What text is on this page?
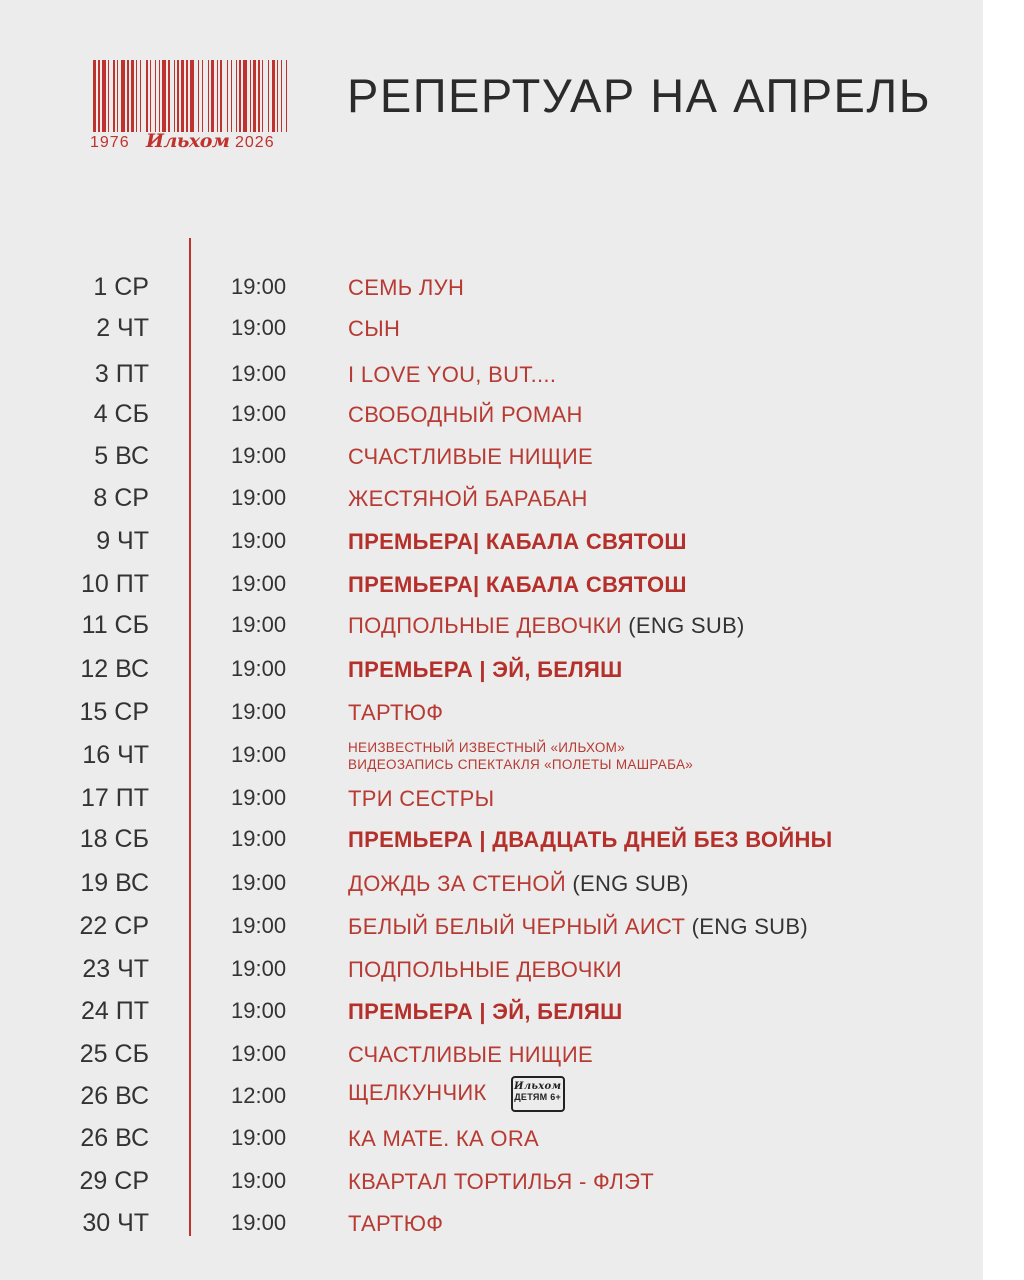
1976 Ильхом 2026
РЕПЕРТУАР НА АПРЕЛЬ
1 СР	19:00	СЕМЬ ЛУН
2 ЧТ	19:00	СЫН
3 ПТ	19:00	I LOVE YOU, BUT....
4 СБ	19:00	СВОБОДНЫЙ РОМАН
5 ВС	19:00	СЧАСТЛИВЫЕ НИЩИЕ
8 СР	19:00	ЖЕСТЯНОЙ БАРАБАН
9 ЧТ	19:00	ПРЕМЬЕРА| КАБАЛА СВЯТОШ
10 ПТ	19:00	ПРЕМЬЕРА| КАБАЛА СВЯТОШ
11 СБ	19:00	ПОДПОЛЬНЫЕ ДЕВОЧКИ (ENG SUB)
12 ВС	19:00	ПРЕМЬЕРА | ЭЙ, БЕЛЯШ
15 СР	19:00	ТАРТЮФ
16 ЧТ	19:00	НЕИЗВЕСТНЫЙ ИЗВЕСТНЫЙ «ИЛЬХОМ»
ВИДЕОЗАПИСЬ СПЕКТАКЛЯ «ПОЛЕТЫ МАШРАБА»
17 ПТ	19:00	ТРИ СЕСТРЫ
18 СБ	19:00	ПРЕМЬЕРА | ДВАДЦАТЬ ДНЕЙ БЕЗ ВОЙНЫ
19 ВС	19:00	ДОЖДЬ ЗА СТЕНОЙ (ENG SUB)
22 СР	19:00	БЕЛЫЙ БЕЛЫЙ ЧЕРНЫЙ АИСТ (ENG SUB)
23 ЧТ	19:00	ПОДПОЛЬНЫЕ ДЕВОЧКИ
24 ПТ	19:00	ПРЕМЬЕРА | ЭЙ, БЕЛЯШ
25 СБ	19:00	СЧАСТЛИВЫЕ НИЩИЕ
26 ВС	12:00	ЩЕЛКУНЧИК	Ильхом
ДЕТЯМ 6+
26 ВС	19:00	КА МАТЕ. КА ОRА
29 СР	19:00	КВАРТАЛ ТОРТИЛЬЯ - ФЛЭТ
30 ЧТ	19:00	ТАРТЮФ
